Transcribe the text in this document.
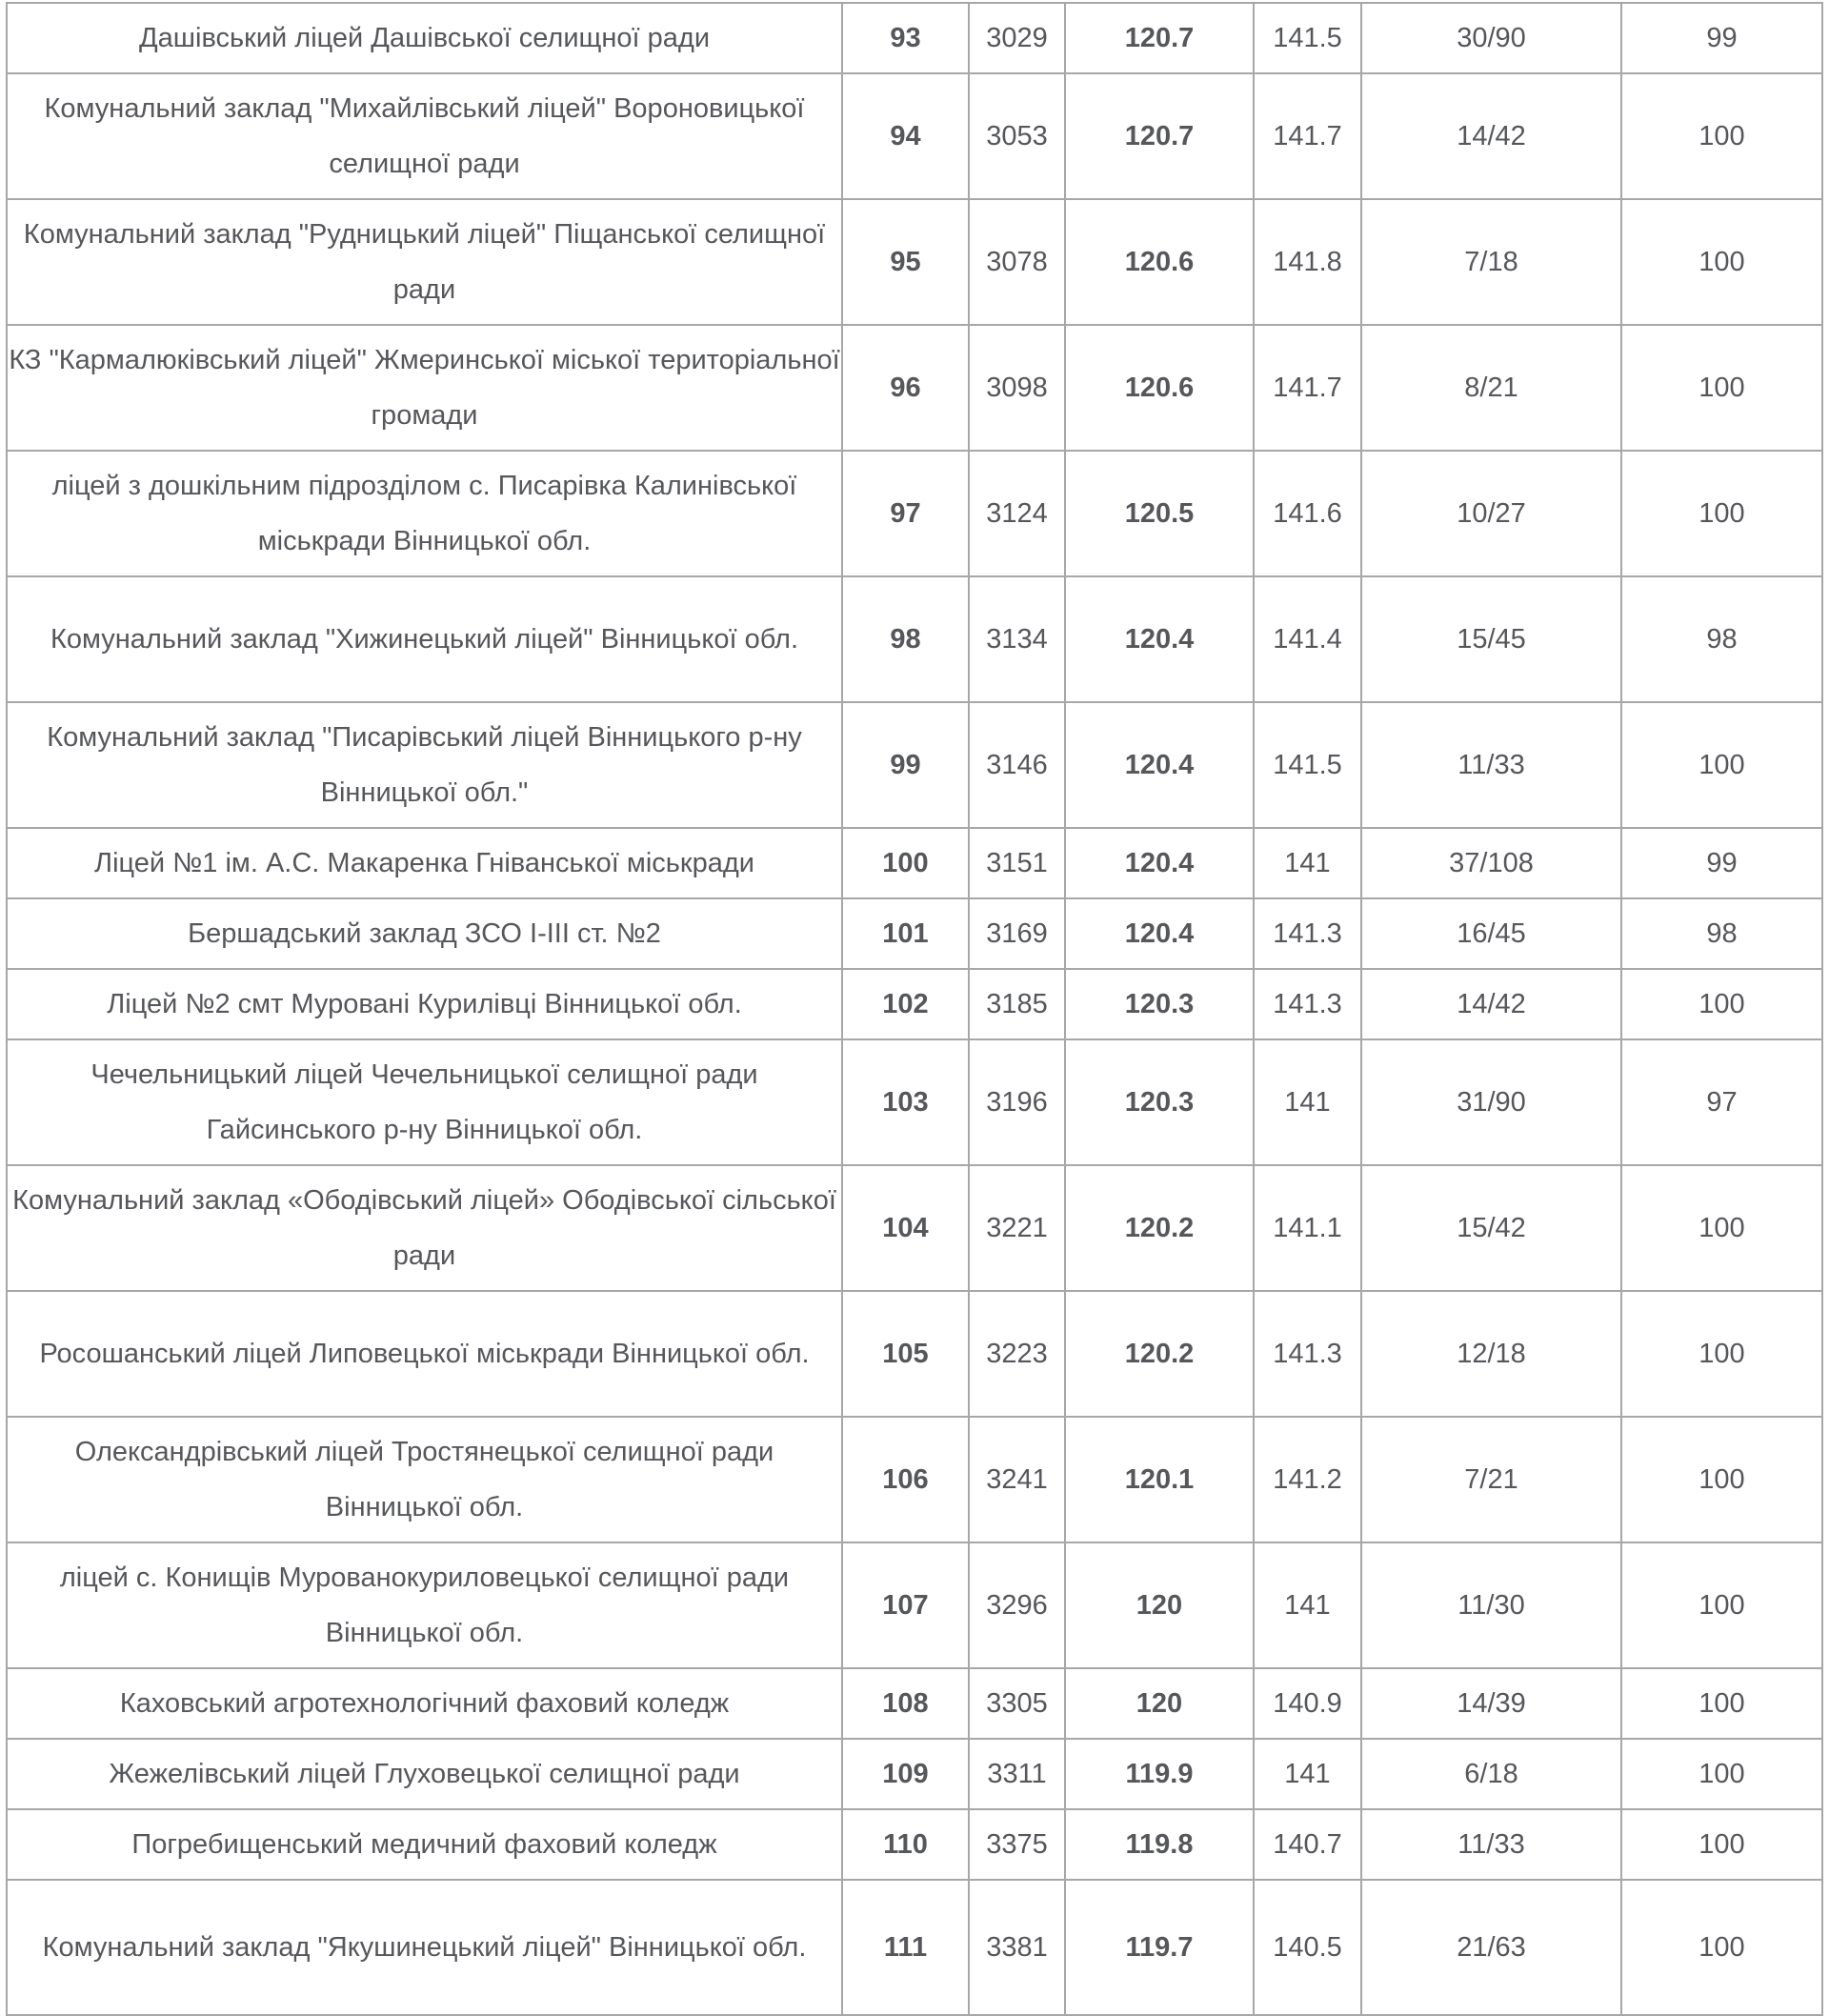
Дашівський ліцей Дашівської селищної ради	93	3029	120.7	141.5	30/90	99
Комунальний заклад "Михайлівський ліцей" Вороновицької селищної ради	94	3053	120.7	141.7	14/42	100
Комунальний заклад "Рудницький ліцей" Піщанської селищної ради	95	3078	120.6	141.8	7/18	100
КЗ "Кармалюківський ліцей" Жмеринської міської територіальної громади	96	3098	120.6	141.7	8/21	100
ліцей з дошкільним підрозділом с. Писарівка Калинівської міськради Вінницької обл.	97	3124	120.5	141.6	10/27	100
Комунальний заклад "Хижинецький ліцей" Вінницької обл.	98	3134	120.4	141.4	15/45	98
Комунальний заклад "Писарівський ліцей Вінницького р-ну Вінницької обл."	99	3146	120.4	141.5	11/33	100
Ліцей №1 ім. А.С. Макаренка Гніванської міськради	100	3151	120.4	141	37/108	99
Бершадський заклад ЗСО І-ІІІ ст. №2	101	3169	120.4	141.3	16/45	98
Ліцей №2 смт Муровані Курилівці Вінницької обл.	102	3185	120.3	141.3	14/42	100
Чечельницький ліцей Чечельницької селищної ради Гайсинського р-ну Вінницької обл.	103	3196	120.3	141	31/90	97
Комунальний заклад «Ободівський ліцей» Ободівської сільської ради	104	3221	120.2	141.1	15/42	100
Росошанський ліцей Липовецької міськради Вінницької обл.	105	3223	120.2	141.3	12/18	100
Олександрівський ліцей Тростянецької селищної ради Вінницької обл.	106	3241	120.1	141.2	7/21	100
ліцей с. Конищів Мурованокуриловецької селищної ради Вінницької обл.	107	3296	120	141	11/30	100
Каховський агротехнологічний фаховий коледж	108	3305	120	140.9	14/39	100
Жежелівський ліцей Глуховецької селищної ради	109	3311	119.9	141	6/18	100
Погребищенський медичний фаховий коледж	110	3375	119.8	140.7	11/33	100
Комунальний заклад "Якушинецький ліцей" Вінницької обл.	111	3381	119.7	140.5	21/63	100
